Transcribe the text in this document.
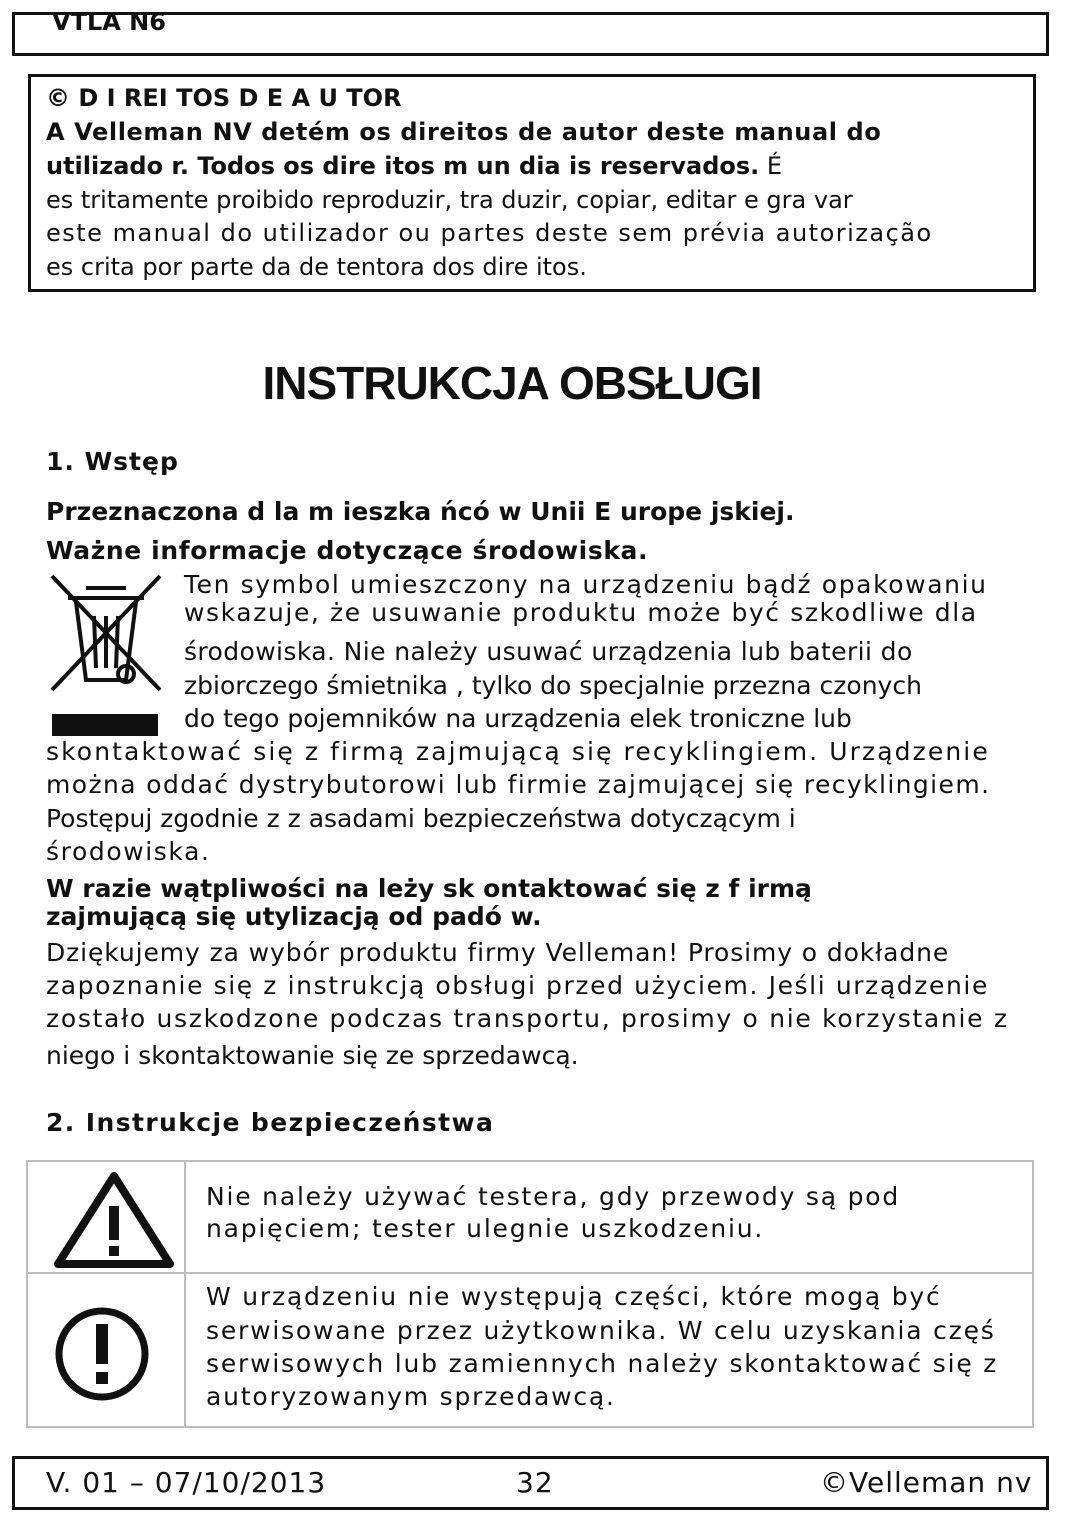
VTLA N6
© D I REI TOS D E A U TOR
A Velleman NV detém os direitos de autor deste manual do
utilizado r. Todos os dire itos m un dia is reservados. É
es tritamente proibido reproduzir, tra duzir, copiar, editar e gra var
este manual do utilizador ou partes deste sem prévia autorização
es crita por parte da de tentora dos dire itos.
INSTRUKCJA OBSŁUGI
1. Wstęp
Przeznaczona d la m ieszka ńcó w Unii E urope jskiej.
Ważne informacje dotyczące środowiska.
Ten symbol umieszczony na urządzeniu bądź opakowaniu
wskazuje, że usuwanie produktu może być szkodliwe dla
środowiska. Nie należy usuwać urządzenia lub baterii do
zbiorczego śmietnika , tylko do specjalnie przezna czonych
do tego pojemników na urządzenia elek troniczne lub
skontaktować się z firmą zajmującą się recyklingiem. Urządzenie
można oddać dystrybutorowi lub firmie zajmującej się recyklingiem.
Postępuj zgodnie z z asadami bezpieczeństwa dotyczącym i
środowiska.
W razie wątpliwości na leży sk ontaktować się z f irmą
zajmującą się utylizacją od padó w.
Dziękujemy za wybór produktu firmy Velleman! Prosimy o dokładne
zapoznanie się z instrukcją obsługi przed użyciem. Jeśli urządzenie
zostało uszkodzone podczas transportu, prosimy o nie korzystanie z
niego i skontaktowanie się ze sprzedawcą.
2. Instrukcje bezpieczeństwa
Nie należy używać testera, gdy przewody są pod
napięciem; tester ulegnie uszkodzeniu.
W urządzeniu nie występują części, które mogą być
serwisowane przez użytkownika. W celu uzyskania częś
serwisowych lub zamiennych należy skontaktować się z
autoryzowanym sprzedawcą.
V. 01 – 07/10/2013	32	©Velleman nv
